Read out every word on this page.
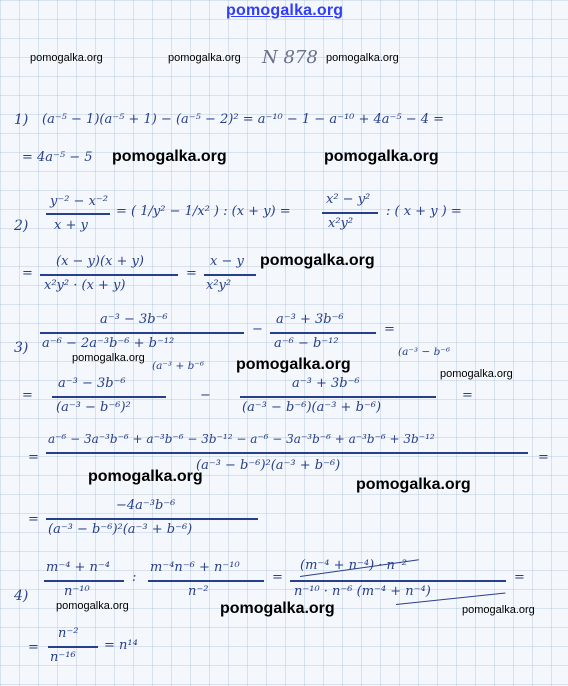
pomogalka.org
pomogalka.org	pomogalka.org N 878 pomogalka.org
1) (a⁻⁵ − 1)(a⁻⁵ + 1) − (a⁻⁵ − 2)² = a⁻¹⁰ − 1 − a⁻¹⁰ + 4a⁻⁵ − 4 =
= 4a⁻⁵ − 5 pomogalka.org	pomogalka.org
2)
y⁻² − x⁻²
x + y
= ( 1/y² − 1/x² ) : (x + y) =
x² − y²
x²y²
: ( x + y ) =
=
(x − y)(x + y)
x²y² · (x + y)
=
x − y
x²y²
pomogalka.org
3)
a⁻³ − 3b⁻⁶
a⁻⁶ − 2a⁻³b⁻⁶ + b⁻¹²
−
a⁻³ + 3b⁻⁶
a⁻⁶ − b⁻¹²
=
pomogalka.org
(a⁻³ + b⁻⁶ pomogalka.org
(a⁻³ − b⁻⁶
pomogalka.org
=
a⁻³ − 3b⁻⁶
(a⁻³ − b⁻⁶)²
−
a⁻³ + 3b⁻⁶
(a⁻³ − b⁻⁶)(a⁻³ + b⁻⁶)
=
=
a⁻⁶ − 3a⁻³b⁻⁶ + a⁻³b⁻⁶ − 3b⁻¹² − a⁻⁶ − 3a⁻³b⁻⁶ + a⁻³b⁻⁶ + 3b⁻¹²
(a⁻³ − b⁻⁶)²(a⁻³ + b⁻⁶)
=
pomogalka.org	pomogalka.org
=
−4a⁻³b⁻⁶
(a⁻³ − b⁻⁶)²(a⁻³ + b⁻⁶)
4)
m⁻⁴ + n⁻⁴
n⁻¹⁰
:
m⁻⁴n⁻⁶ + n⁻¹⁰
n⁻²
=
(m⁻⁴ + n⁻⁴) · n⁻²
n⁻¹⁰ · n⁻⁶ (m⁻⁴ + n⁻⁴)
=
pomogalka.org	pomogalka.org	pomogalka.org
=
n⁻²
n⁻¹⁶
= n¹⁴
